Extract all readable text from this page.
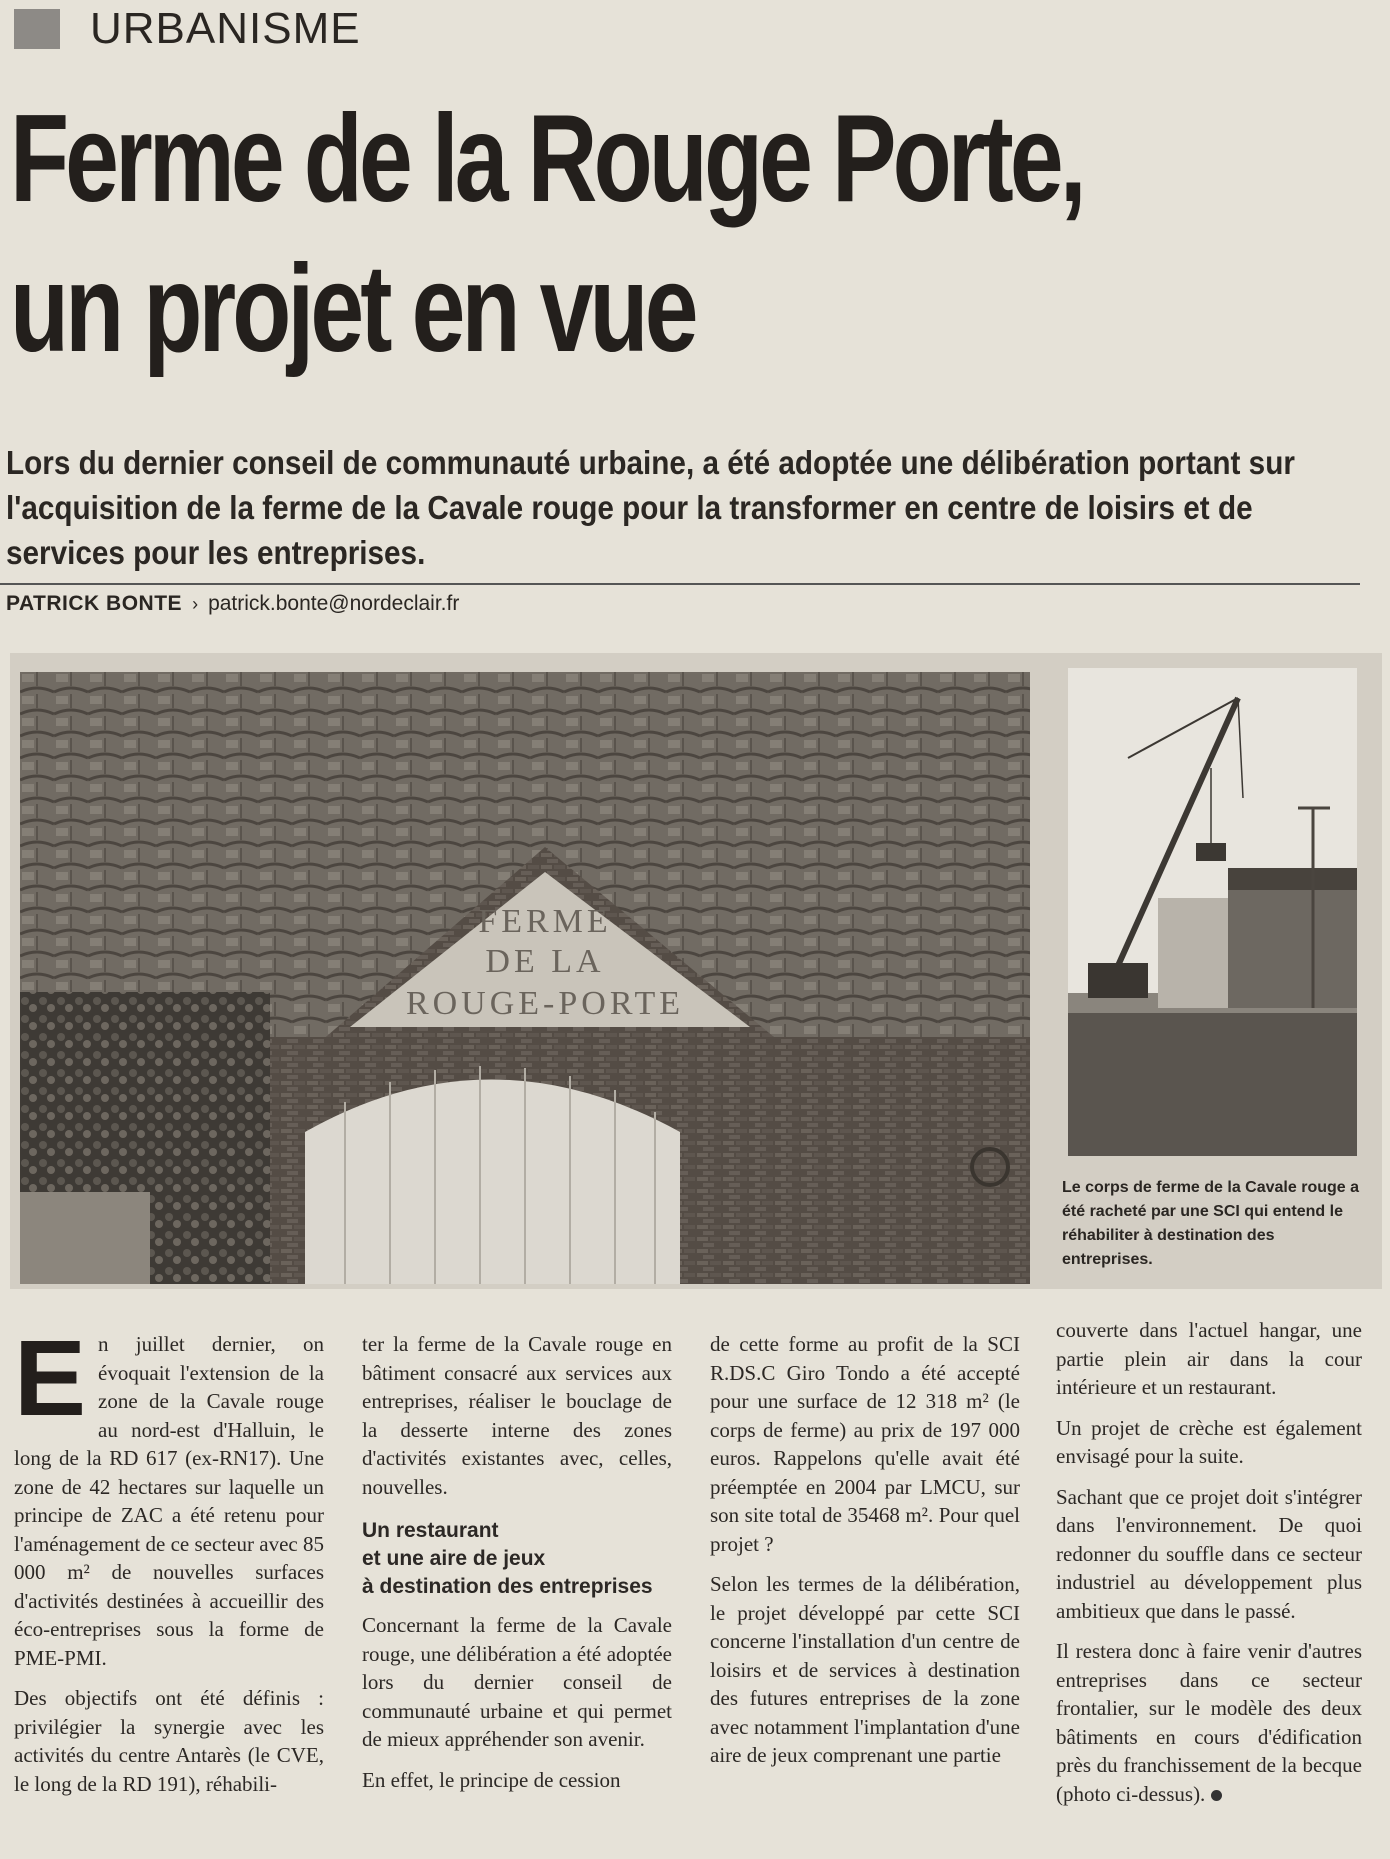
URBANISME
Ferme de la Rouge Porte,
un projet en vue
Lors du dernier conseil de communauté urbaine, a été adoptée une délibération portant sur l'acquisition de la ferme de la Cavale rouge pour la transformer en centre de loisirs et de services pour les entreprises.
PATRICK BONTE › patrick.bonte@nordeclair.fr
FERME
DE LA
ROUGE-PORTE
Le corps de ferme de la Cavale rouge a été racheté par une SCI qui entend le réhabiliter à destination des entreprises.

En juillet dernier, on évoquait l'extension de la zone de la Cavale rouge au nord-est d'Halluin, le long de la RD 617 (ex-RN17). Une zone de 42 hectares sur laquelle un principe de ZAC a été retenu pour l'aménagement de ce secteur avec 85 000 m² de nouvelles surfaces d'activités destinées à accueillir des éco-entreprises sous la forme de PME-PMI.

Des objectifs ont été définis : privilégier la synergie avec les activités du centre Antarès (le CVE, le long de la RD 191), réhabili-

ter la ferme de la Cavale rouge en bâtiment consacré aux services aux entreprises, réaliser le bouclage de la desserte interne des zones d'activités existantes avec, celles, nouvelles.

Un restaurant
et une aire de jeux
à destination des entreprises

Concernant la ferme de la Cavale rouge, une délibération a été adoptée lors du dernier conseil de communauté urbaine et qui permet de mieux appréhender son avenir.

En effet, le principe de cession

de cette forme au profit de la SCI R.DS.C Giro Tondo a été accepté pour une surface de 12 318 m² (le corps de ferme) au prix de 197 000 euros. Rappelons qu'elle avait été préemptée en 2004 par LMCU, sur son site total de 35468 m². Pour quel projet ?

Selon les termes de la délibération, le projet développé par cette SCI concerne l'installation d'un centre de loisirs et de services à destination des futures entreprises de la zone avec notamment l'implantation d'une aire de jeux comprenant une partie

couverte dans l'actuel hangar, une partie plein air dans la cour intérieure et un restaurant.

Un projet de crèche est également envisagé pour la suite.

Sachant que ce projet doit s'intégrer dans l'environnement. De quoi redonner du souffle dans ce secteur industriel au développement plus ambitieux que dans le passé.

Il restera donc à faire venir d'autres entreprises dans ce secteur frontalier, sur le modèle des deux bâtiments en cours d'édification près du franchissement de la becque (photo ci-dessus).
